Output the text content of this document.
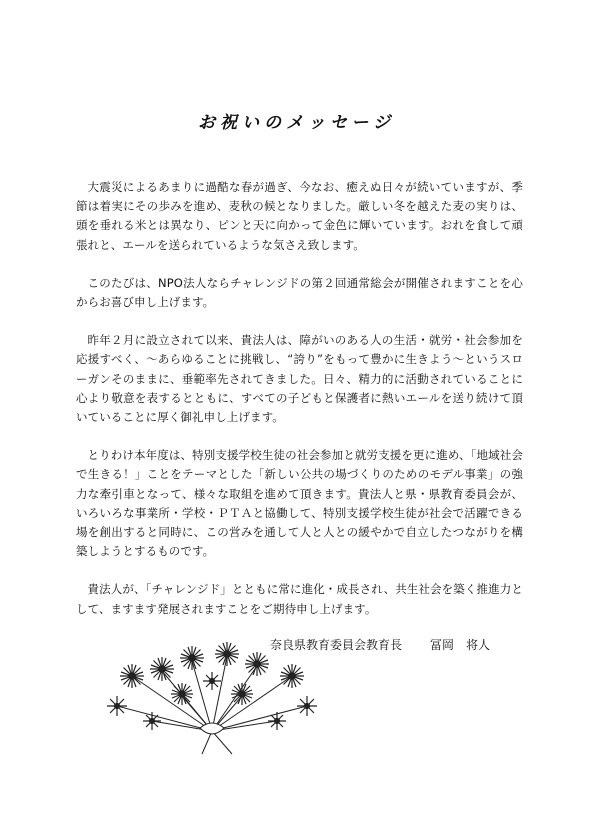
お祝いのメッセージ

大震災によるあまりに過酷な春が過ぎ、今なお、癒えぬ日々が続いていますが、季節は着実にその歩みを進め、麦秋の候となりました。厳しい冬を越えた麦の実りは、頭を垂れる米とは異なり、ピンと天に向かって金色に輝いています。おれを食して頑張れと、エールを送られているような気さえ致します。

このたびは、NPO法人ならチャレンジドの第２回通常総会が開催されますことを心からお喜び申し上げます。

昨年２月に設立されて以来、貴法人は、障がいのある人の生活・就労・社会参加を応援すべく、～あらゆることに挑戦し、“誇り”をもって豊かに生きよう～というスローガンそのままに、垂範率先されてきました。日々、精力的に活動されていることに心より敬意を表するとともに、すべての子どもと保護者に熱いエールを送り続けて頂いていることに厚く御礼申し上げます。

とりわけ本年度は、特別支援学校生徒の社会参加と就労支援を更に進め、「地域社会で生きる！」ことをテーマとした「新しい公共の場づくりのためのモデル事業」の強力な牽引車となって、様々な取組を進めて頂きます。貴法人と県・県教育委員会が、いろいろな事業所・学校・ＰＴＡと協働して、特別支援学校生徒が社会で活躍できる場を創出すると同時に、この営みを通して人と人との緩やかで自立したつながりを構築しようとするものです。

貴法人が、「チャレンジド」とともに常に進化・成長され、共生社会を築く推進力として、ますます発展されますことをご期待申し上げます。

奈良県教育委員会教育長 冨岡　将人
